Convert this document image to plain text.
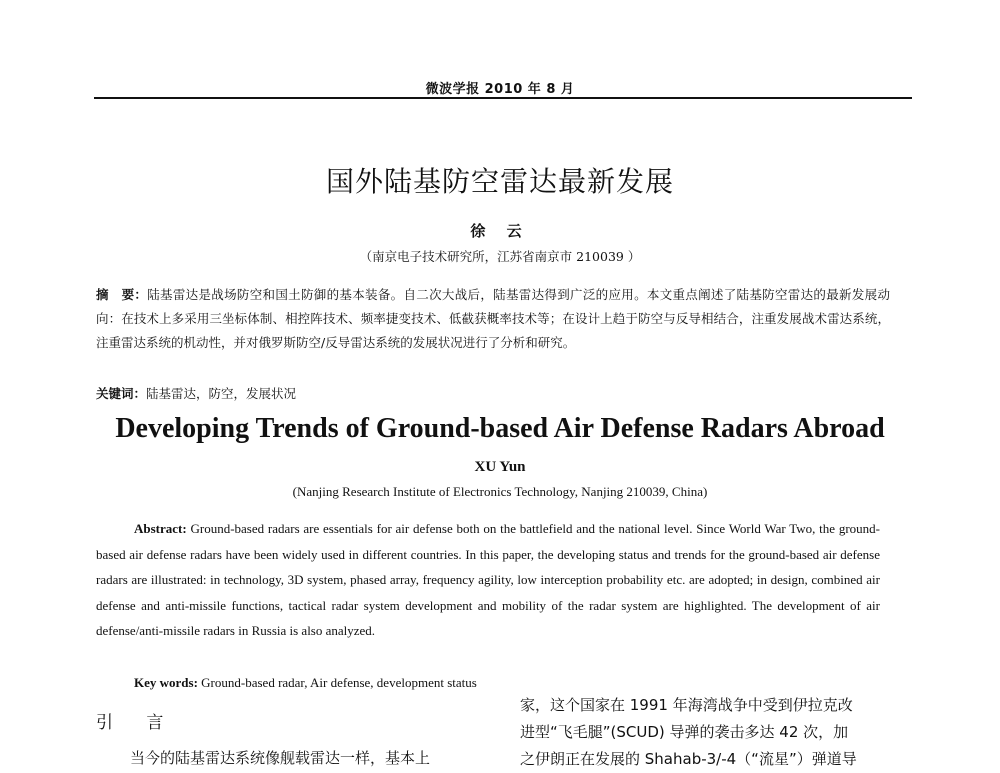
微波学报 2010 年 8 月
国外陆基防空雷达最新发展
徐 云
（南京电子技术研究所，江苏省南京市 210039 ）
摘　要：陆基雷达是战场防空和国土防御的基本装备。自二次大战后，陆基雷达得到广泛的应用。本文重点阐述了陆基防空雷达的最新发展动向：在技术上多采用三坐标体制、相控阵技术、频率捷变技术、低截获概率技术等；在设计上趋于防空与反导相结合，注重发展战术雷达系统，注重雷达系统的机动性，并对俄罗斯防空/反导雷达系统的发展状况进行了分析和研究。
关键词：陆基雷达，防空，发展状况
Developing Trends of Ground-based Air Defense Radars Abroad
XU Yun
(Nanjing Research Institute of Electronics Technology, Nanjing 210039, China)
Abstract: Ground-based radars are essentials for air defense both on the battlefield and the national level. Since World War Two, the ground-based air defense radars have been widely used in different countries. In this paper, the developing status and trends for the ground-based air defense radars are illustrated: in technology, 3D system, phased array, frequency agility, low interception probability etc. are adopted; in design, combined air defense and anti-missile functions, tactical radar system development and mobility of the radar system are highlighted. The development of air defense/anti-missile radars in Russia is also analyzed.
Key words: Ground-based radar, Air defense, development status
引 言
当今的陆基雷达系统像舰载雷达一样，基本上
家，这个国家在 1991 年海湾战争中受到伊拉克改
进型“飞毛腿”(SCUD) 导弹的袭击多达 42 次，加
之伊朗正在发展的 Shahab-3/-4（“流星”）弹道导
